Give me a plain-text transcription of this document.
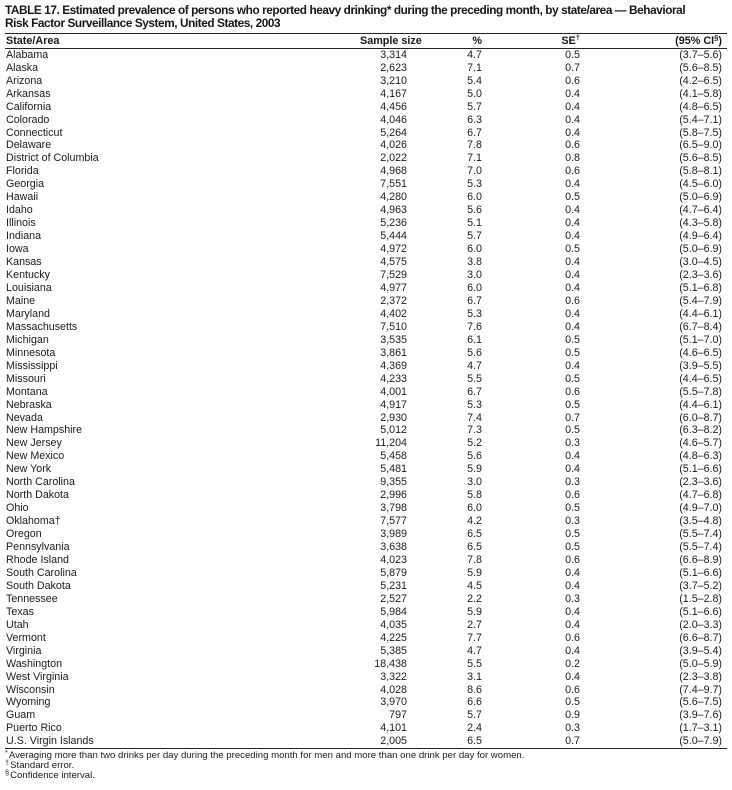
TABLE 17. Estimated prevalence of persons who reported heavy drinking* during the preceding month, by state/area — Behavioral
Risk Factor Surveillance System, United States, 2003
State/Area	Sample size	%	SE†	(95% CI§)
Alabama	3,314	4.7	0.5	(3.7–5.6)
Alaska	2,623	7.1	0.7	(5.6–8.5)
Arizona	3,210	5.4	0.6	(4.2–6.5)
Arkansas	4,167	5.0	0.4	(4.1–5.8)
California	4,456	5.7	0.4	(4.8–6.5)
Colorado	4,046	6.3	0.4	(5.4–7.1)
Connecticut	5,264	6.7	0.4	(5.8–7.5)
Delaware	4,026	7.8	0.6	(6.5–9.0)
District of Columbia	2,022	7.1	0.8	(5.6–8.5)
Florida	4,968	7.0	0.6	(5.8–8.1)
Georgia	7,551	5.3	0.4	(4.5–6.0)
Hawaii	4,280	6.0	0.5	(5.0–6.9)
Idaho	4,963	5.6	0.4	(4.7–6.4)
Illinois	5,236	5.1	0.4	(4.3–5.8)
Indiana	5,444	5.7	0.4	(4.9–6.4)
Iowa	4,972	6.0	0.5	(5.0–6.9)
Kansas	4,575	3.8	0.4	(3.0–4.5)
Kentucky	7,529	3.0	0.4	(2.3–3.6)
Louisiana	4,977	6.0	0.4	(5.1–6.8)
Maine	2,372	6.7	0.6	(5.4–7.9)
Maryland	4,402	5.3	0.4	(4.4–6.1)
Massachusetts	7,510	7.6	0.4	(6.7–8.4)
Michigan	3,535	6.1	0.5	(5.1–7.0)
Minnesota	3,861	5.6	0.5	(4.6–6.5)
Mississippi	4,369	4.7	0.4	(3.9–5.5)
Missouri	4,233	5.5	0.5	(4.4–6.5)
Montana	4,001	6.7	0.6	(5.5–7.8)
Nebraska	4,917	5.3	0.5	(4.4–6.1)
Nevada	2,930	7.4	0.7	(6.0–8.7)
New Hampshire	5,012	7.3	0.5	(6.3–8.2)
New Jersey	11,204	5.2	0.3	(4.6–5.7)
New Mexico	5,458	5.6	0.4	(4.8–6.3)
New York	5,481	5.9	0.4	(5.1–6.6)
North Carolina	9,355	3.0	0.3	(2.3–3.6)
North Dakota	2,996	5.8	0.6	(4.7–6.8)
Ohio	3,798	6.0	0.5	(4.9–7.0)
Oklahoma†	7,577	4.2	0.3	(3.5–4.8)
Oregon	3,989	6.5	0.5	(5.5–7.4)
Pennsylvania	3,638	6.5	0.5	(5.5–7.4)
Rhode Island	4,023	7.8	0.6	(6.6–8.9)
South Carolina	5,879	5.9	0.4	(5.1–6.6)
South Dakota	5,231	4.5	0.4	(3.7–5.2)
Tennessee	2,527	2.2	0.3	(1.5–2.8)
Texas	5,984	5.9	0.4	(5.1–6.6)
Utah	4,035	2.7	0.4	(2.0–3.3)
Vermont	4,225	7.7	0.6	(6.6–8.7)
Virginia	5,385	4.7	0.4	(3.9–5.4)
Washington	18,438	5.5	0.2	(5.0–5.9)
West Virginia	3,322	3.1	0.4	(2.3–3.8)
Wisconsin	4,028	8.6	0.6	(7.4–9.7)
Wyoming	3,970	6.6	0.5	(5.6–7.5)
Guam	797	5.7	0.9	(3.9–7.6)
Puerto Rico	4,101	2.4	0.3	(1.7–3.1)
U.S. Virgin Islands	2,005	6.5	0.7	(5.0–7.9)
*Averaging more than two drinks per day during the preceding month for men and more than one drink per day for women.
†Standard error.
§Confidence interval.
